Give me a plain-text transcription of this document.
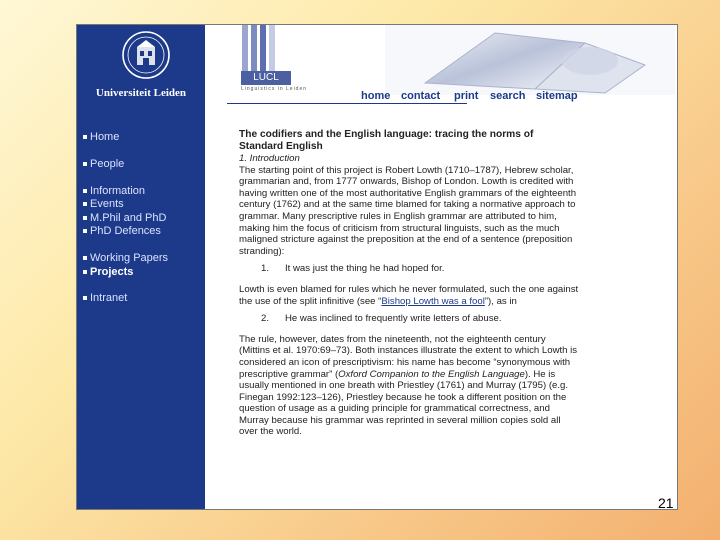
Universiteit Leiden
Home
People
Information
Events
M.Phil and PhD
PhD Defences
Working Papers
Projects
Intranet
LUCL
Linguistics in Leiden
home contact print search sitemap
The codifiers and the English language: tracing the norms of Standard English

1. Introduction

The starting point of this project is Robert Lowth (1710–1787), Hebrew scholar, grammarian and, from 1777 onwards, Bishop of London. Lowth is credited with having written one of the most authoritative English grammars of the eighteenth century (1762) and at the same time blamed for taking a normative approach to grammar. Many prescriptive rules in English grammar are attributed to him, making him the focus of criticism from structural linguists, such as the much maligned stricture against the preposition at the end of a sentence (preposition stranding):

1. It was just the thing he had hoped for.

Lowth is even blamed for rules which he never formulated, such the one against the use of the split infinitive (see “Bishop Lowth was a fool”), as in

2. He was inclined to frequently write letters of abuse.

The rule, however, dates from the nineteenth, not the eighteenth century (Mittins et al. 1970:69–73). Both instances illustrate the extent to which Lowth is considered an icon of prescriptivism: his name has become “synonymous with prescriptive grammar” (Oxford Companion to the English Language). He is usually mentioned in one breath with Priestley (1761) and Murray (1795) (e.g. Finegan 1992:123–126), Priestley because he took a different position on the question of usage as a guiding principle for grammatical correctness, and Murray because his grammar was reprinted in several million copies sold all over the world.

21
